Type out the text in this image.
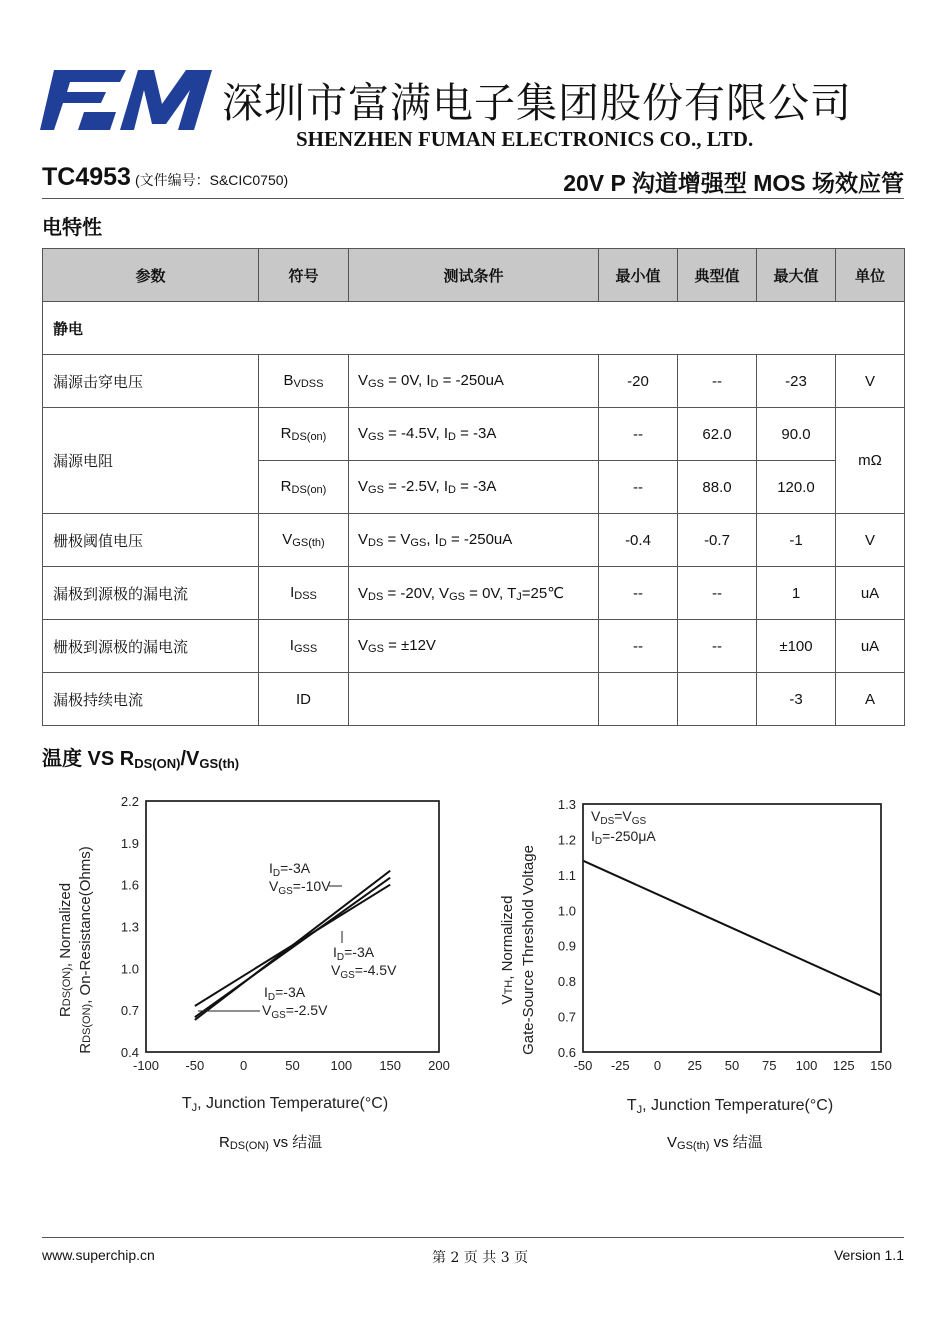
深圳市富满电子集团股份有限公司
SHENZHEN FUMAN ELECTRONICS CO., LTD.
TC4953 (文件编号：S&CIC0750)	20V P 沟道增强型 MOS 场效应管
电特性
参数	符号	测试条件	最小值	典型值	最大值	单位
静电						
漏源击穿电压	$B_{VDSS}$	$V_{GS} = 0V$, $I_D = -250uA$	-20	--	-23	V
漏源电阻	$R_{DS(on)}$	$V_{GS} = -4.5V$, $I_D = -3A$	--	62.0	90.0	mΩ
	$R_{DS(on)}$	$V_{GS} = -2.5V$, $I_D = -3A$	--	88.0	120.0	
栅极阈值电压	$V_{GS(th)}$	$V_{DS} = V_{GS}$, $I_D = -250uA$	-0.4	-0.7	-1	V
漏极到源极的漏电流	$I_{DSS}$	$V_{DS} = -20V$, $V_{GS} = 0V$, $T_J=25℃$	--	--	1	uA
栅极到源极的漏电流	$I_{GSS}$	$V_{GS} = \pm 12V$	--	--	±100	uA
漏极持续电流	ID				-3	A
温度 VS $R_{DS(ON)}/V_{GS(th)}$
-100 -50	0	50 100 150 200
2.2
1.9
1.6
1.3
1.0
0.7
0.4
$I_D=-3A$
$V_{GS}=-10V$
$I_D=-3A$
$V_{GS}=-4.5V$
$I_D=-3A$
$V_{GS}=-2.5V$
RDS(ON), Normalized
RDS(ON), On-Resistance(Ohms)
TJ, Junction Temperature(°C)
-50 -25 0 25 50 75 100 125 150
1.3
1.2
1.1
1.0
0.9
0.8
0.7
0.6
$V_{DS}=V_{GS}$
$I_D=-250\mu A$
VTH, Normalized Gate-Source Threshold Voltage
TJ, Junction Temperature(°C)
$R_{DS(ON)}$ vs 结温	$V_{GS(th)}$ vs 结温
www.superchip.cn	第 2 页 共 3 页	Version 1.1
